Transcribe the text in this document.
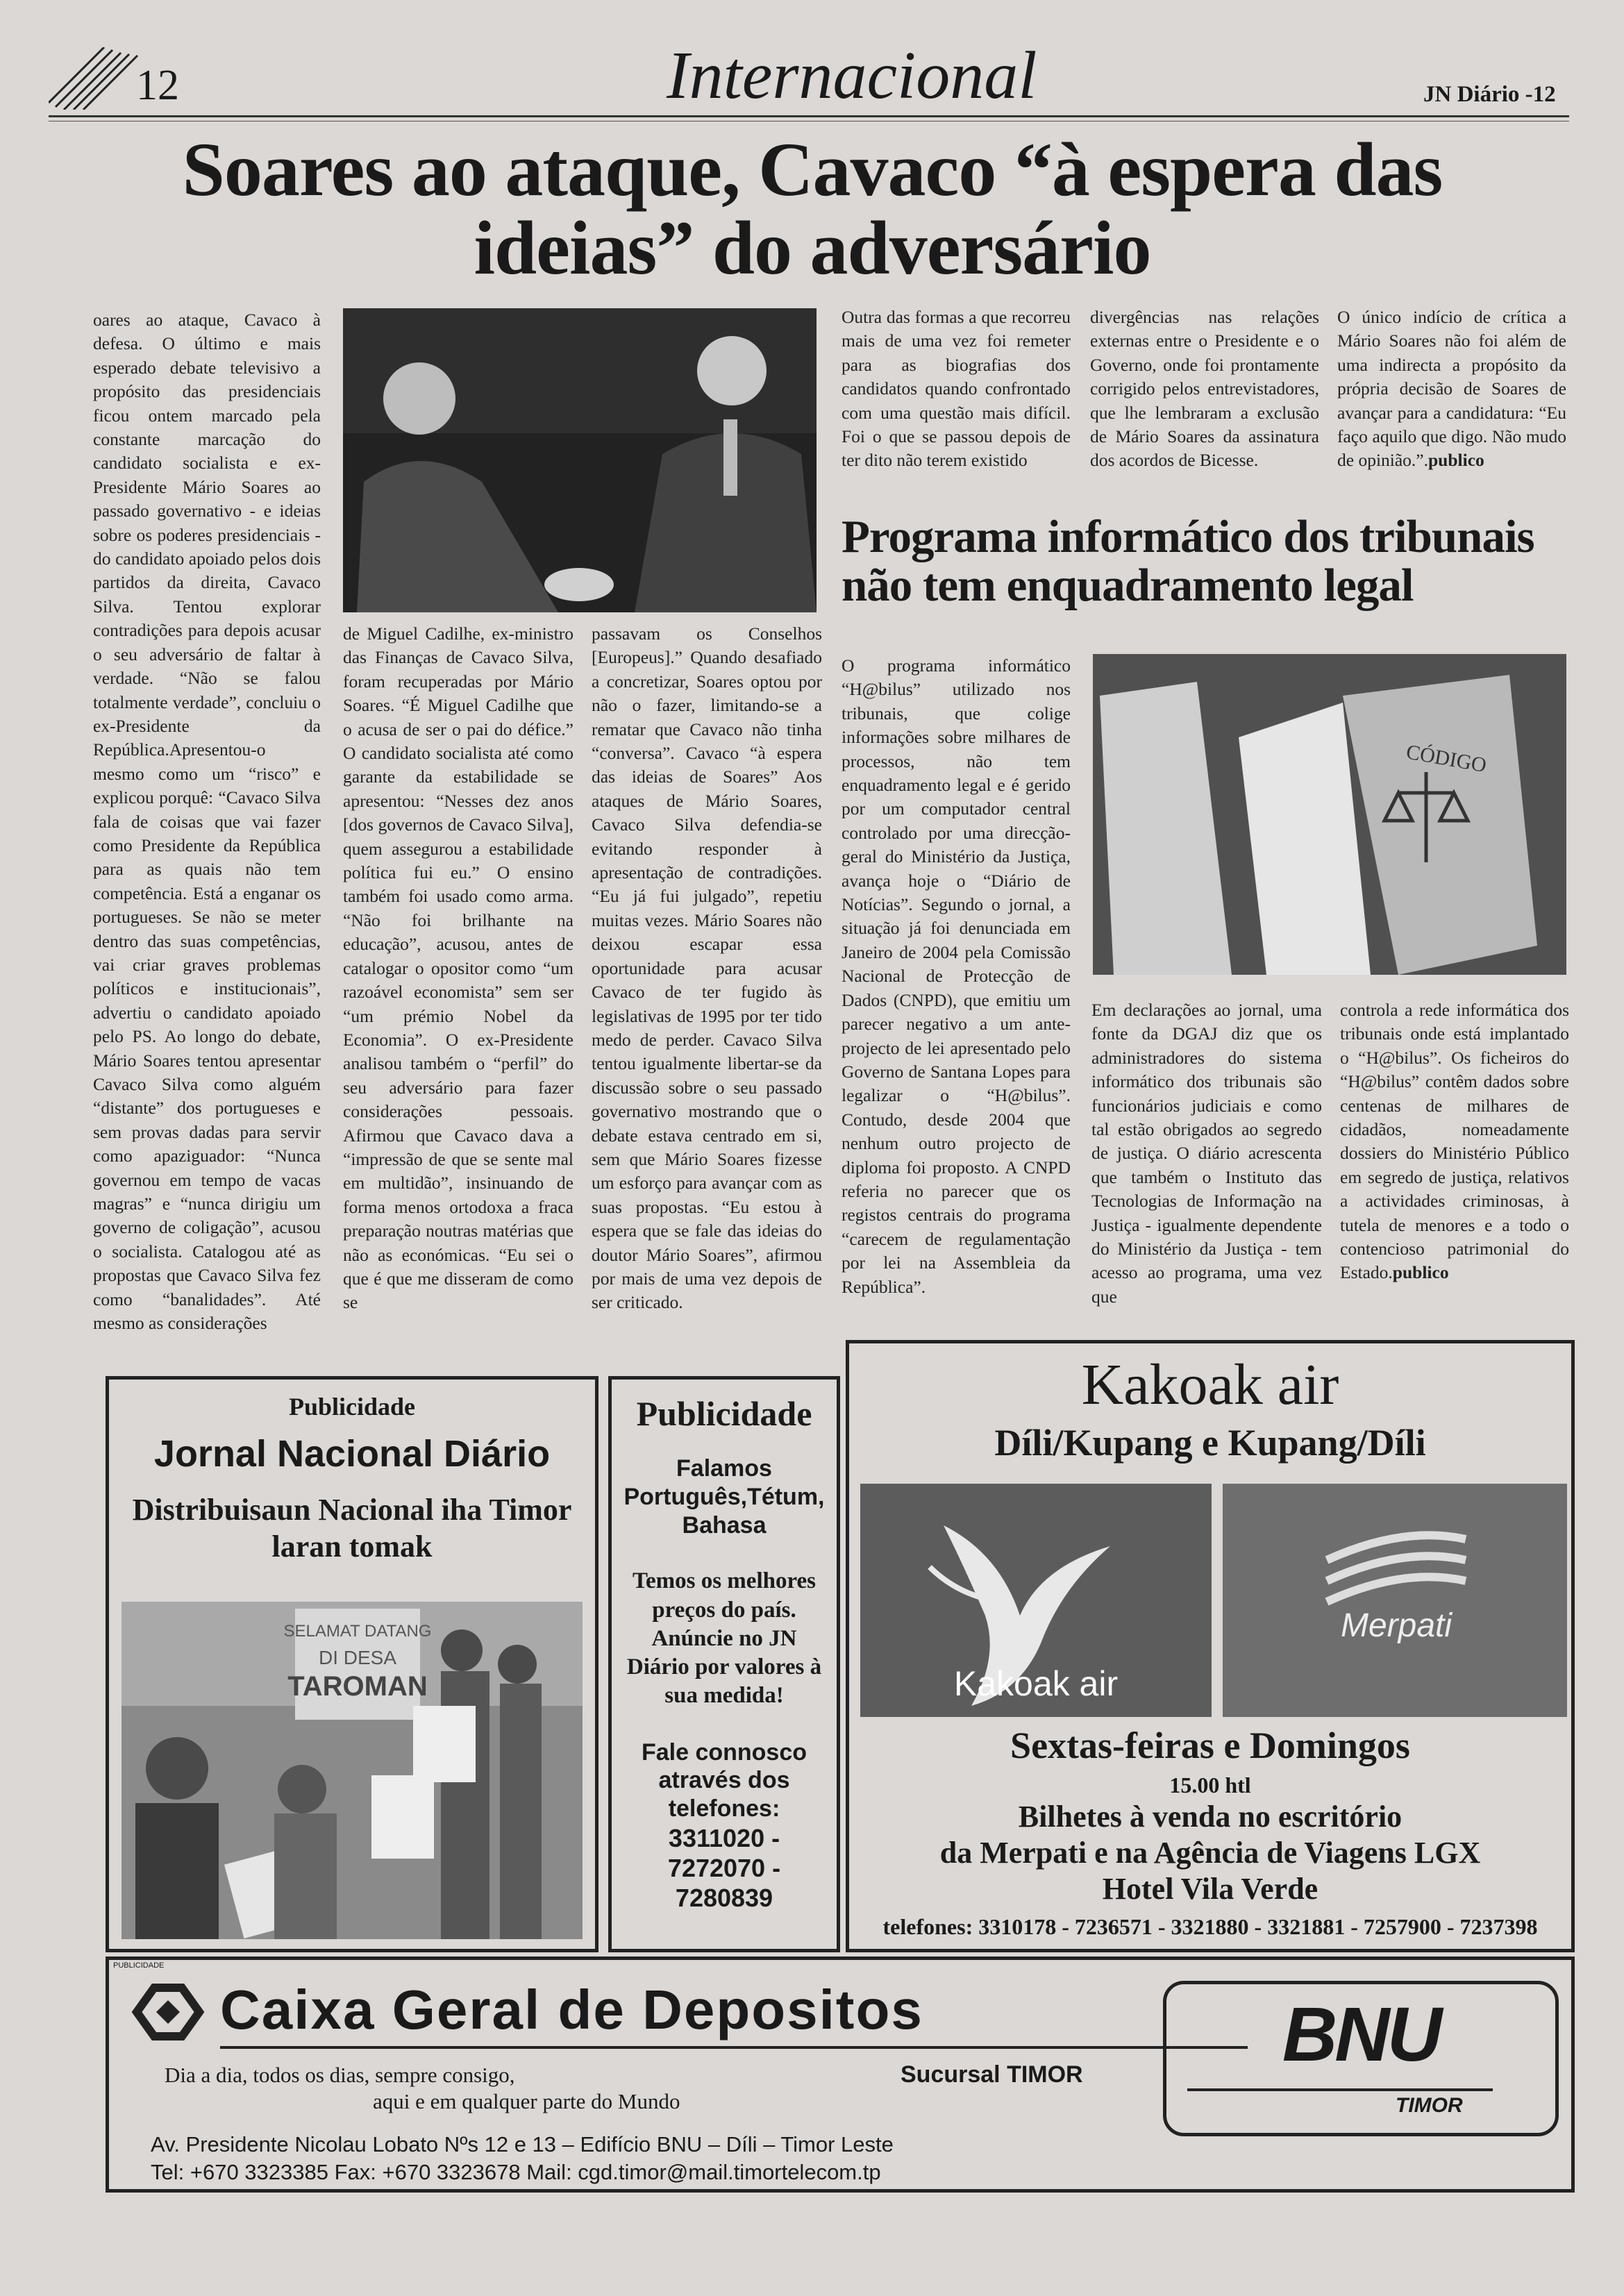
12	Internacional	JN Diário -12
Soares ao ataque, Cavaco “à espera das ideias” do adversário
oares ao ataque, Cavaco à defesa. O último e mais esperado debate televisivo a propósito das presidenciais ficou ontem marcado pela constante marcação do candidato socialista e ex-Presidente Mário Soares ao passado governativo - e ideias sobre os poderes presidenciais - do candidato apoiado pelos dois partidos da direita, Cavaco Silva. Tentou explorar contradições para depois acusar o seu adversário de faltar à verdade. “Não se falou totalmente verdade”, concluiu o ex-Presidente da República.Apresentou-o mesmo como um “risco” e explicou porquê: “Cavaco Silva fala de coisas que vai fazer como Presidente da República para as quais não tem competência. Está a enganar os portugueses. Se não se meter dentro das suas competências, vai criar graves problemas políticos e institucionais”, advertiu o candidato apoiado pelo PS. Ao longo do debate, Mário Soares tentou apresentar Cavaco Silva como alguém “distante” dos portugueses e sem provas dadas para servir como apaziguador: “Nunca governou em tempo de vacas magras” e “nunca dirigiu um governo de coligação”, acusou o socialista. Catalogou até as propostas que Cavaco Silva fez como “banalidades”. Até mesmo as considerações
de Miguel Cadilhe, ex-ministro das Finanças de Cavaco Silva, foram recuperadas por Mário Soares. “É Miguel Cadilhe que o acusa de ser o pai do défice.” O candidato socialista até como garante da estabilidade se apresentou: “Nesses dez anos [dos governos de Cavaco Silva], quem assegurou a estabilidade política fui eu.” O ensino também foi usado como arma. “Não foi brilhante na educação”, acusou, antes de catalogar o opositor como “um razoável economista” sem ser “um prémio Nobel da Economia”. O ex-Presidente analisou também o “perfil” do seu adversário para fazer considerações pessoais. Afirmou que Cavaco dava a “impressão de que se sente mal em multidão”, insinuando de forma menos ortodoxa a fraca preparação noutras matérias que não as económicas. “Eu sei o que é que me disseram de como se
passavam os Conselhos [Europeus].” Quando desafiado a concretizar, Soares optou por não o fazer, limitando-se a rematar que Cavaco não tinha “conversa”. Cavaco “à espera das ideias de Soares” Aos ataques de Mário Soares, Cavaco Silva defendia-se evitando responder à apresentação de contradições. “Eu já fui julgado”, repetiu muitas vezes. Mário Soares não deixou escapar essa oportunidade para acusar Cavaco de ter fugido às legislativas de 1995 por ter tido medo de perder. Cavaco Silva tentou igualmente libertar-se da discussão sobre o seu passado governativo mostrando que o debate estava centrado em si, sem que Mário Soares fizesse um esforço para avançar com as suas propostas. “Eu estou à espera que se fale das ideias do doutor Mário Soares”, afirmou por mais de uma vez depois de ser criticado.
Outra das formas a que recorreu mais de uma vez foi remeter para as biografias dos candidatos quando confrontado com uma questão mais difícil. Foi o que se passou depois de ter dito não terem existido
divergências nas relações externas entre o Presidente e o Governo, onde foi prontamente corrigido pelos entrevistadores, que lhe lembraram a exclusão de Mário Soares da assinatura dos acordos de Bicesse.
O único indício de crítica a Mário Soares não foi além de uma indirecta a propósito da própria decisão de Soares de avançar para a candidatura: “Eu faço aquilo que digo. Não mudo de opinião.”.publico
Programa informático dos tribunais não tem enquadramento legal
O programa informático “H@bilus” utilizado nos tribunais, que colige informações sobre milhares de processos, não tem enquadramento legal e é gerido por um computador central controlado por uma direcção-geral do Ministério da Justiça, avança hoje o “Diário de Notícias”. Segundo o jornal, a situação já foi denunciada em Janeiro de 2004 pela Comissão Nacional de Protecção de Dados (CNPD), que emitiu um parecer negativo a um ante-projecto de lei apresentado pelo Governo de Santana Lopes para legalizar o “H@bilus”. Contudo, desde 2004 que nenhum outro projecto de diploma foi proposto. A CNPD referia no parecer que os registos centrais do programa “carecem de regulamentação por lei na Assembleia da República”.
CÓDIGO
Em declarações ao jornal, uma fonte da DGAJ diz que os administradores do sistema informático dos tribunais são funcionários judiciais e como tal estão obrigados ao segredo de justiça. O diário acrescenta que também o Instituto das Tecnologias de Informação na Justiça - igualmente dependente do Ministério da Justiça - tem acesso ao programa, uma vez que
controla a rede informática dos tribunais onde está implantado o “H@bilus”. Os ficheiros do “H@bilus” contêm dados sobre centenas de milhares de cidadãos, nomeadamente dossiers do Ministério Público em segredo de justiça, relativos a actividades criminosas, à tutela de menores e a todo o contencioso patrimonial do Estado.publico
Publicidade
Jornal Nacional Diário
Distribuisaun Nacional iha Timor laran tomak
SELAMAT DATANG
DI DESA
TAROMAN
Publicidade
Falamos Português,Tétum, Bahasa
Temos os melhores preços do país. Anúncie no JN Diário por valores à sua medida!
Fale connosco através dos telefones:
3311020 -
7272070 -
7280839
Kakoak air
Díli/Kupang e Kupang/Díli
Kakoak air
Merpati
Sextas-feiras e Domingos
15.00 htl
Bilhetes à venda no escritório
da Merpati e na Agência de Viagens LGX
Hotel Vila Verde
telefones: 3310178 - 7236571 - 3321880 - 3321881 - 7257900 - 7237398
PUBLICIDADE
Caixa Geral de Depositos
Dia a dia, todos os dias, sempre consigo,
aqui e em qualquer parte do Mundo
Sucursal TIMOR	BNU
TIMOR
Av. Presidente Nicolau Lobato Nºs 12 e 13 – Edifício BNU – Díli – Timor Leste
Tel: +670 3323385 Fax: +670 3323678 Mail: cgd.timor@mail.timortelecom.tp
